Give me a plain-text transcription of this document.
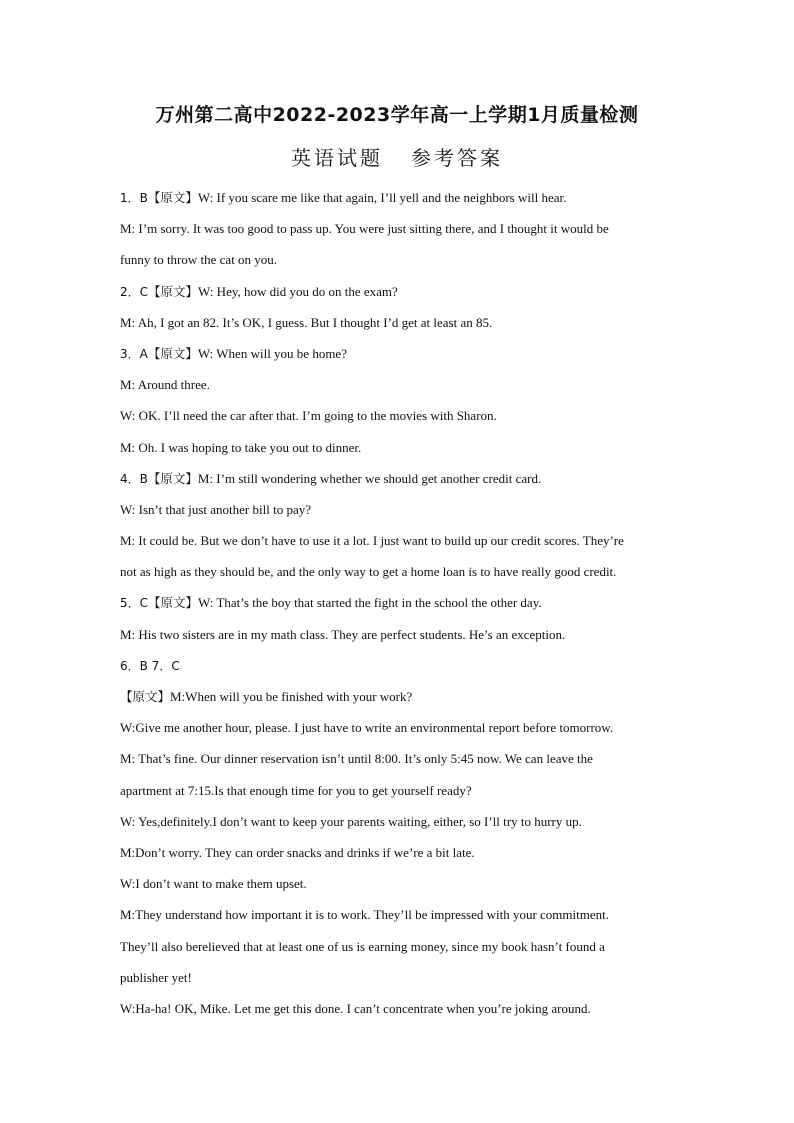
万州第二高中2022-2023学年高一上学期1月质量检测
英语试题 参考答案

1．B【原文】W: If you scare me like that again, I’ll yell and the neighbors will hear.

M: I’m sorry. It was too good to pass up. You were just sitting there, and I thought it would be

funny to throw the cat on you.

2．C【原文】W: Hey, how did you do on the exam?

M: Ah, I got an 82. It’s OK, I guess. But I thought I’d get at least an 85.

3．A【原文】W: When will you be home?

M: Around three.

W: OK. I’ll need the car after that. I’m going to the movies with Sharon.

M: Oh. I was hoping to take you out to dinner.

4．B【原文】M: I’m still wondering whether we should get another credit card.

W: Isn’t that just another bill to pay?

M: It could be. But we don’t have to use it a lot. I just want to build up our credit scores. They’re

not as high as they should be, and the only way to get a home loan is to have really good credit.

5．C【原文】W: That’s the boy that started the fight in the school the other day.

M: His two sisters are in my math class. They are perfect students. He’s an exception.

6．B 7．C

【原文】M:When will you be finished with your work?

W:Give me another hour, please. I just have to write an environmental report before tomorrow.

M: That’s fine. Our dinner reservation isn’t until 8:00. It’s only 5:45 now. We can leave the

apartment at 7:15.Is that enough time for you to get yourself ready?

W: Yes,definitely.I don’t want to keep your parents waiting, either, so I’ll try to hurry up.

M:Don’t worry. They can order snacks and drinks if we’re a bit late.

W:I don’t want to make them upset.

M:They understand how important it is to work. They’ll be impressed with your commitment.

They’ll also berelieved that at least one of us is earning money, since my book hasn’t found a

publisher yet!

W:Ha-ha! OK, Mike. Let me get this done. I can’t concentrate when you’re joking around.
